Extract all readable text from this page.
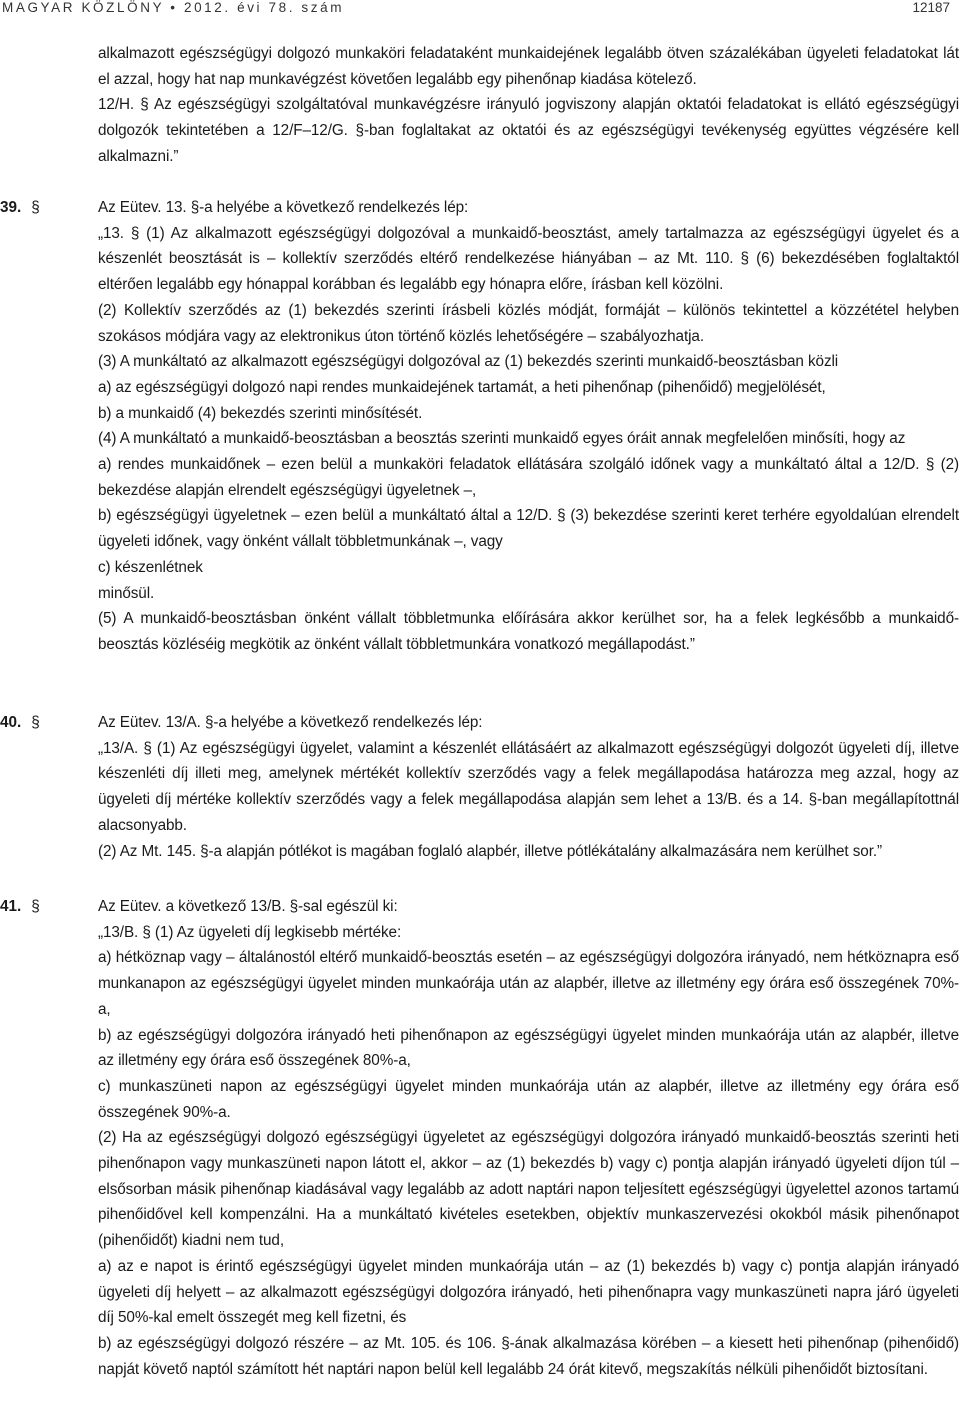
MAGYAR KÖZLÖNY • 2012. évi 78. szám	12187

alkalmazott egészségügyi dolgozó munkaköri feladataként munkaidejének legalább ötven százalékában ügyeleti feladatokat lát el azzal, hogy hat nap munkavégzést követően legalább egy pihenőnap kiadása kötelező.

12/H. § Az egészségügyi szolgáltatóval munkavégzésre irányuló jogviszony alapján oktatói feladatokat is ellátó egészségügyi dolgozók tekintetében a 12/F–12/G. §-ban foglaltakat az oktatói és az egészségügyi tevékenység együttes végzésére kell alkalmazni.”

39. §	Az Eütev. 13. §-a helyébe a következő rendelkezés lép:

„13. § (1) Az alkalmazott egészségügyi dolgozóval a munkaidő-beosztást, amely tartalmazza az egészségügyi ügyelet és a készenlét beosztását is – kollektív szerződés eltérő rendelkezése hiányában – az Mt. 110. § (6) bekezdésében foglaltaktól eltérően legalább egy hónappal korábban és legalább egy hónapra előre, írásban kell közölni.

(2) Kollektív szerződés az (1) bekezdés szerinti írásbeli közlés módját, formáját – különös tekintettel a közzététel helyben szokásos módjára vagy az elektronikus úton történő közlés lehetőségére – szabályozhatja.

(3) A munkáltató az alkalmazott egészségügyi dolgozóval az (1) bekezdés szerinti munkaidő-beosztásban közli

a) az egészségügyi dolgozó napi rendes munkaidejének tartamát, a heti pihenőnap (pihenőidő) megjelölését,

b) a munkaidő (4) bekezdés szerinti minősítését.

(4) A munkáltató a munkaidő-beosztásban a beosztás szerinti munkaidő egyes óráit annak megfelelően minősíti, hogy az

a) rendes munkaidőnek – ezen belül a munkaköri feladatok ellátására szolgáló időnek vagy a munkáltató által a 12/D. § (2) bekezdése alapján elrendelt egészségügyi ügyeletnek –,

b) egészségügyi ügyeletnek – ezen belül a munkáltató által a 12/D. § (3) bekezdése szerinti keret terhére egyoldalúan elrendelt ügyeleti időnek, vagy önként vállalt többletmunkának –, vagy

c) készenlétnek

minősül.

(5) A munkaidő-beosztásban önként vállalt többletmunka előírására akkor kerülhet sor, ha a felek legkésőbb a munkaidő-beosztás közléséig megkötik az önként vállalt többletmunkára vonatkozó megállapodást.”

40. §	Az Eütev. 13/A. §-a helyébe a következő rendelkezés lép:

„13/A. § (1) Az egészségügyi ügyelet, valamint a készenlét ellátásáért az alkalmazott egészségügyi dolgozót ügyeleti díj, illetve készenléti díj illeti meg, amelynek mértékét kollektív szerződés vagy a felek megállapodása határozza meg azzal, hogy az ügyeleti díj mértéke kollektív szerződés vagy a felek megállapodása alapján sem lehet a 13/B. és a 14. §-ban megállapítottnál alacsonyabb.

(2) Az Mt. 145. §-a alapján pótlékot is magában foglaló alapbér, illetve pótlékátalány alkalmazására nem kerülhet sor.”

41. §	Az Eütev. a következő 13/B. §-sal egészül ki:

„13/B. § (1) Az ügyeleti díj legkisebb mértéke:

a) hétköznap vagy – általánostól eltérő munkaidő-beosztás esetén – az egészségügyi dolgozóra irányadó, nem hétköznapra eső munkanapon az egészségügyi ügyelet minden munkaórája után az alapbér, illetve az illetmény egy órára eső összegének 70%-a,

b) az egészségügyi dolgozóra irányadó heti pihenőnapon az egészségügyi ügyelet minden munkaórája után az alapbér, illetve az illetmény egy órára eső összegének 80%-a,

c) munkaszüneti napon az egészségügyi ügyelet minden munkaórája után az alapbér, illetve az illetmény egy órára eső összegének 90%-a.

(2) Ha az egészségügyi dolgozó egészségügyi ügyeletet az egészségügyi dolgozóra irányadó munkaidő-beosztás szerinti heti pihenőnapon vagy munkaszüneti napon látott el, akkor – az (1) bekezdés b) vagy c) pontja alapján irányadó ügyeleti díjon túl – elsősorban másik pihenőnap kiadásával vagy legalább az adott naptári napon teljesített egészségügyi ügyelettel azonos tartamú pihenőidővel kell kompenzálni. Ha a munkáltató kivételes esetekben, objektív munkaszervezési okokból másik pihenőnapot (pihenőidőt) kiadni nem tud,

a) az e napot is érintő egészségügyi ügyelet minden munkaórája után – az (1) bekezdés b) vagy c) pontja alapján irányadó ügyeleti díj helyett – az alkalmazott egészségügyi dolgozóra irányadó, heti pihenőnapra vagy munkaszüneti napra járó ügyeleti díj 50%-kal emelt összegét meg kell fizetni, és

b) az egészségügyi dolgozó részére – az Mt. 105. és 106. §-ának alkalmazása körében – a kiesett heti pihenőnap (pihenőidő) napját követő naptól számított hét naptári napon belül kell legalább 24 órát kitevő, megszakítás nélküli pihenőidőt biztosítani.
